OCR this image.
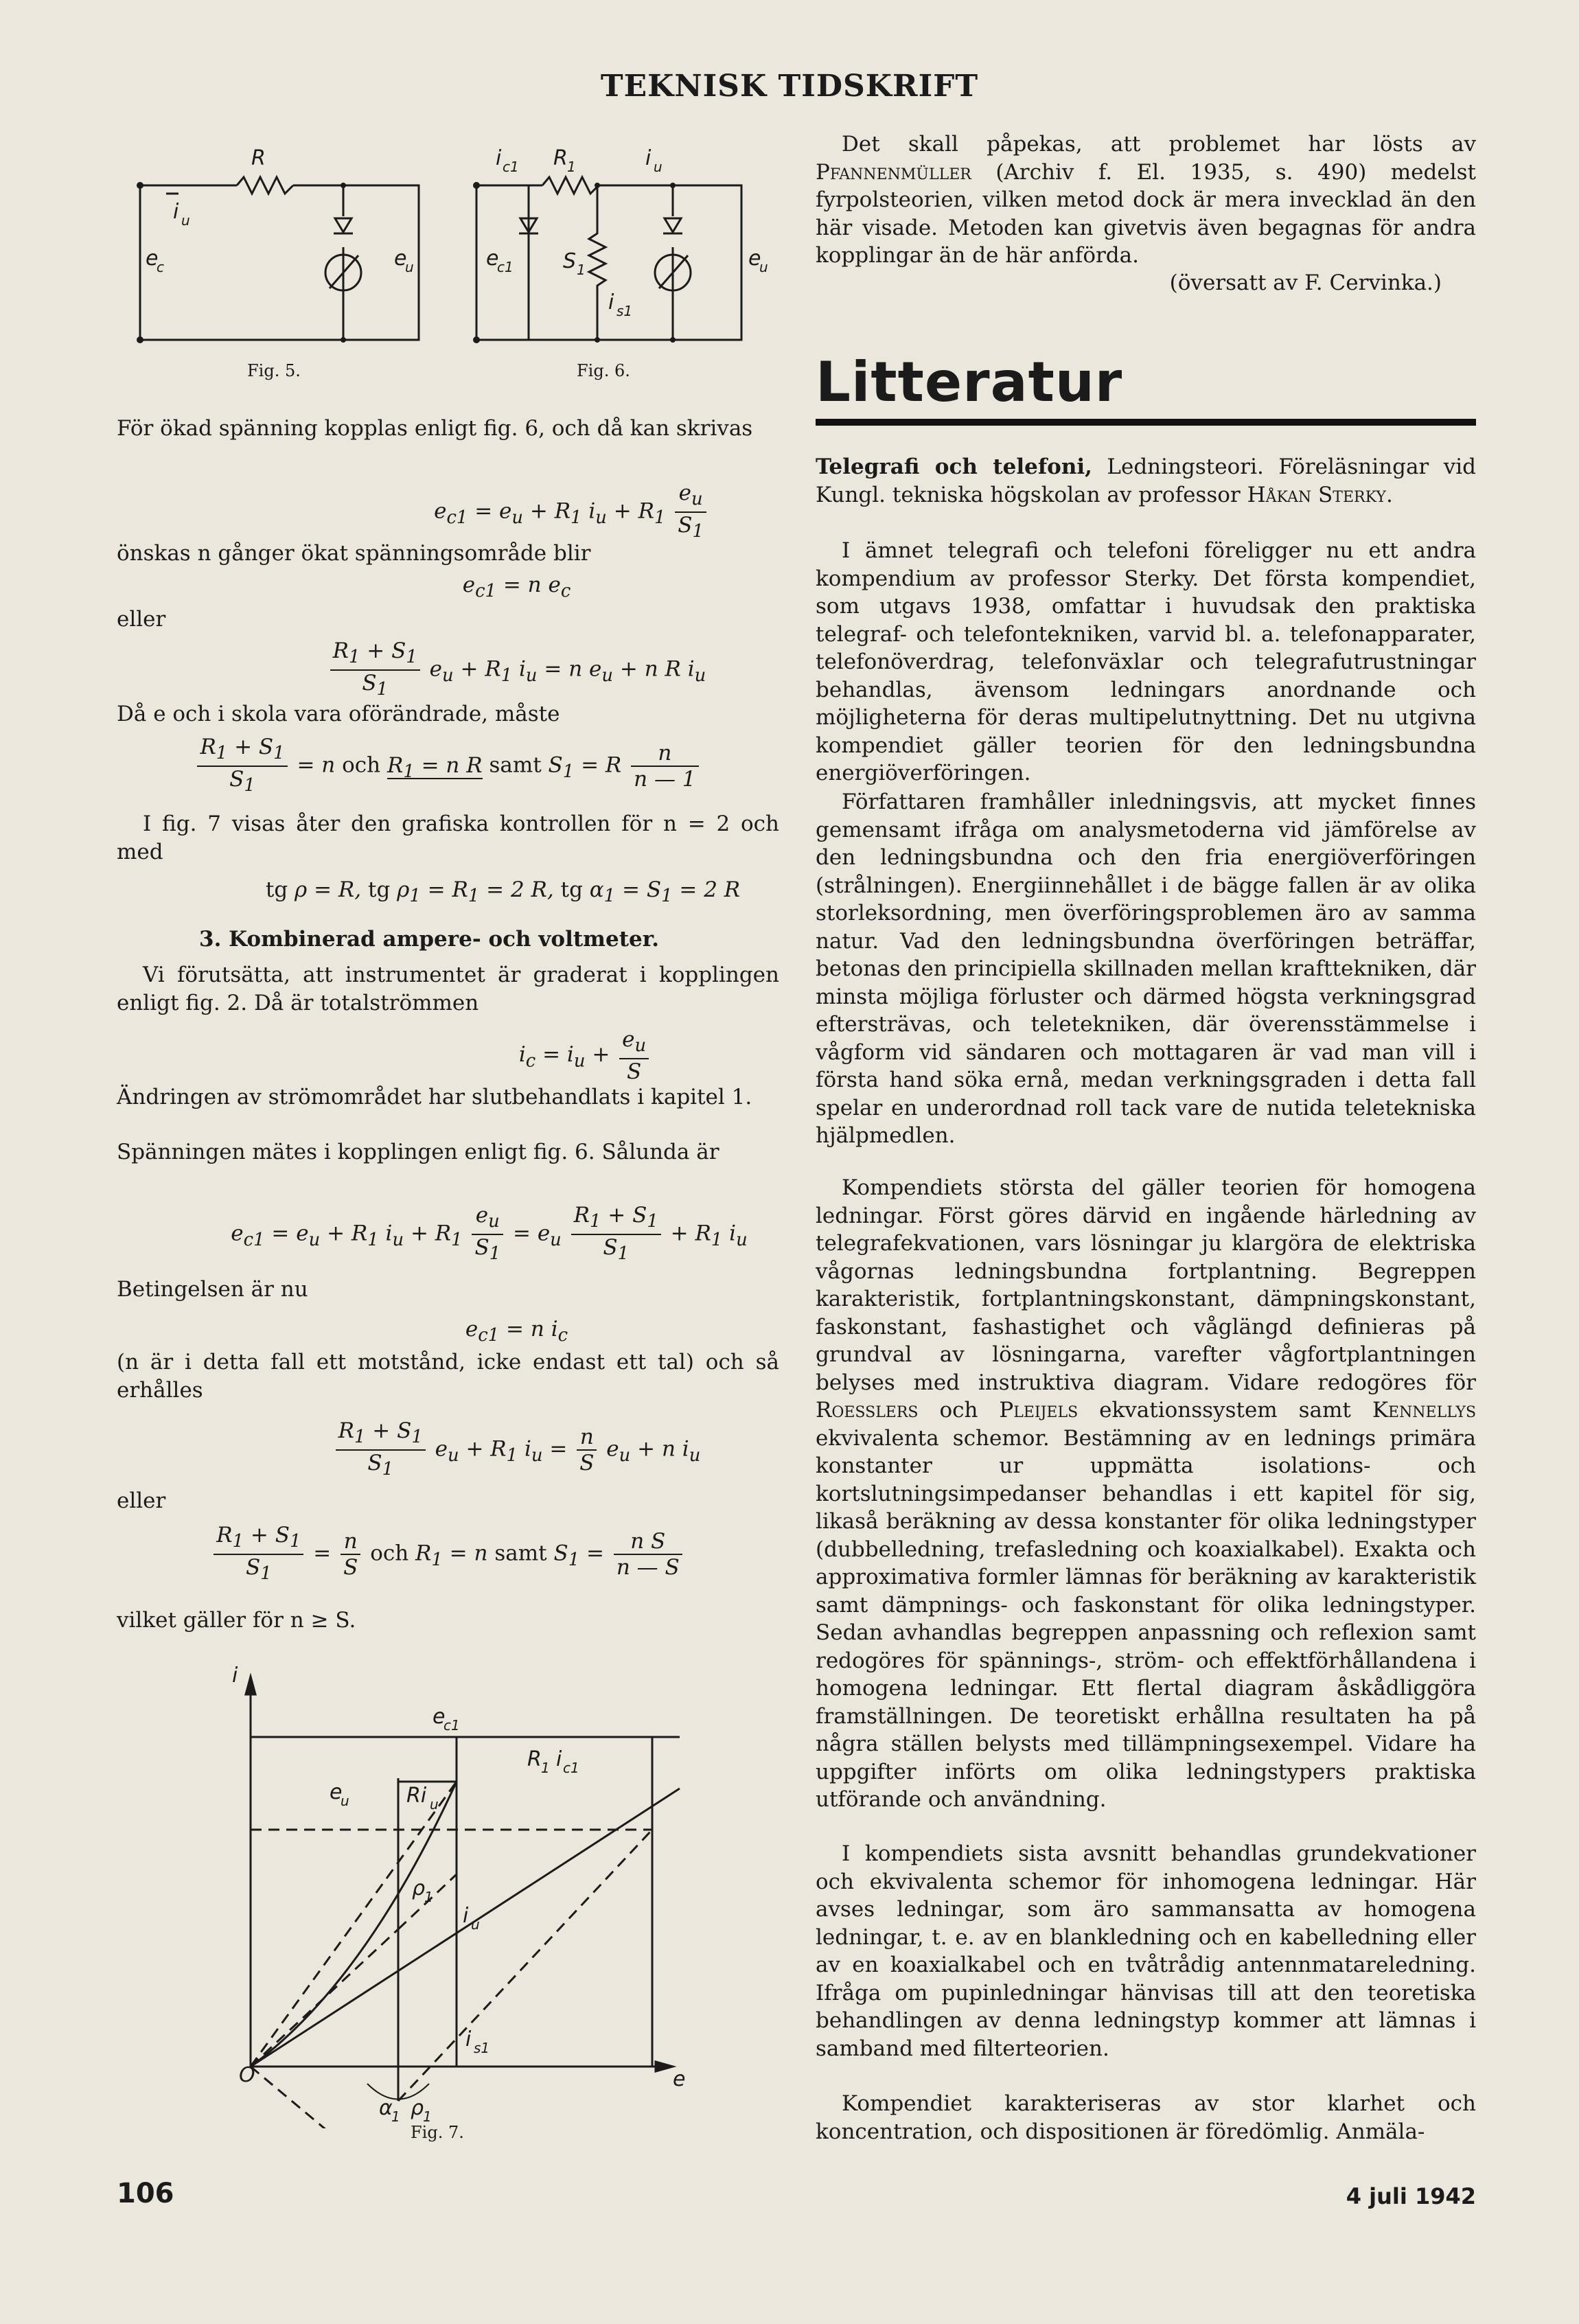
TEKNISK TIDSKRIFT
R
i u
e
c	e
u
i c1 R 1	i u
e
c1 S 1
i s1
e
u
Fig. 5.	Fig. 6.
För ökad spänning kopplas enligt fig. 6, och då kan skrivas
$e_{c1} = e_u + R_1$ $i_u + R_1 \frac{e_u}{S_1}$
önskas n gånger ökat spänningsområde blir
$e_{c1} = n$ $e_c$
eller
$\frac{R_1 + S_1}{S_1} e_u + R_1$ $i_u = n$ $e_u + n$ R $i_u$
Då e och i skola vara oförändrade, måste
$\frac{R_1 + S_1}{S_1} = n$ och $R_1 = n$ R samt $S_1 = R \frac{n}{n — 1}$
I fig. 7 visas åter den grafiska kontrollen för n = 2 och med
tg ρ = R, tg $\rho_1 = R_1 = 2$ R, tg $\alpha_1 = S_1 = 2$ R
3. Kombinerad ampere- och voltmeter.
Vi förutsätta, att instrumentet är graderat i kopplingen enligt fig. 2. Då är totalströmmen
$i_c = i_u + \frac{e_u}{S}$
Ändringen av strömområdet har slutbehandlats i kapitel 1.
Spänningen mätes i kopplingen enligt fig. 6. Sålunda är
$e_{c1} = e_u + R_1$ $i_u + R_1 \frac{e_u}{S_1} = e_u \frac{R_1 + S_1}{S_1} + R_1$ $i_u$
Betingelsen är nu
$e_{c1} = n$ $i_c$
(n är i detta fall ett motstånd, icke endast ett tal) och så erhålles
$\frac{R_1 + S_1}{S_1} e_u + R_1$ $i_u = \frac{n}{S} e_u + n$ $i_u$
eller
$\frac{R_1 + S_1}{S_1} = \frac{n}{S}$ och $R_1 = n$ samt $S_1 = \frac{\text{n S}}{n — S}$
vilket gäller för n ≥ S.
i
e
c1
R 1 i c1
e
u	Ri u
ρ
1
i u
O	e
i s1
α
1 ρ
1
Fig. 7.
Det skall påpekas, att problemet har lösts av Pfannenmüller (Archiv f. El. 1935, s. 490) medelst fyrpolsteorien, vilken metod dock är mera invecklad än den här visade. Metoden kan givetvis även begagnas för andra kopplingar än de här anförda.
(översatt av F. Cervinka.)
Litteratur
Telegrafi och telefoni, Ledningsteori. Föreläsningar vid Kungl. tekniska högskolan av professor Håkan Sterky.
I ämnet telegrafi och telefoni föreligger nu ett andra kompendium av professor Sterky. Det första kompendiet, som utgavs 1938, omfattar i huvudsak den praktiska telegraf- och telefontekniken, varvid bl. a. telefonapparater, telefonöverdrag, telefonväxlar och telegrafutrustningar behandlas, ävensom ledningars anordnande och möjligheterna för deras multipelutnyttning. Det nu utgivna kompendiet gäller teorien för den ledningsbundna energiöverföringen.
Författaren framhåller inledningsvis, att mycket finnes gemensamt ifråga om analysmetoderna vid jämförelse av den ledningsbundna och den fria energiöverföringen (strålningen). Energiinnehållet i de bägge fallen är av olika storleksordning, men överföringsproblemen äro av samma natur. Vad den ledningsbundna överföringen beträffar, betonas den principiella skillnaden mellan krafttekniken, där minsta möjliga förluster och därmed högsta verkningsgrad eftersträvas, och teletekniken, där överensstämmelse i vågform vid sändaren och mottagaren är vad man vill i första hand söka ernå, medan verkningsgraden i detta fall spelar en underordnad roll tack vare de nutida teletekniska hjälpmedlen.
Kompendiets största del gäller teorien för homogena ledningar. Först göres därvid en ingående härledning av telegrafekvationen, vars lösningar ju klargöra de elektriska vågornas ledningsbundna fortplantning. Begreppen karakteristik, fortplantningskonstant, dämpningskonstant, faskonstant, fashastighet och våglängd definieras på grundval av lösningarna, varefter vågfortplantningen belyses med instruktiva diagram. Vidare redogöres för Roesslers och Pleijels ekvationssystem samt Kennellys ekvivalenta schemor. Bestämning av en lednings primära konstanter ur uppmätta isolations- och kortslutningsimpedanser behandlas i ett kapitel för sig, likaså beräkning av dessa konstanter för olika ledningstyper (dubbelledning, trefasledning och koaxialkabel). Exakta och approximativa formler lämnas för beräkning av karakteristik samt dämpnings- och faskonstant för olika ledningstyper. Sedan avhandlas begreppen anpassning och reflexion samt redogöres för spännings-, ström- och effektförhållandena i homogena ledningar. Ett flertal diagram åskådliggöra framställningen. De teoretiskt erhållna resultaten ha på några ställen belysts med tillämpningsexempel. Vidare ha uppgifter införts om olika ledningstypers praktiska utförande och användning.
I kompendiets sista avsnitt behandlas grundekvationer och ekvivalenta schemor för inhomogena ledningar. Här avses ledningar, som äro sammansatta av homogena ledningar, t. e. av en blankledning och en kabelledning eller av en koaxialkabel och en tvåtrådig antennmatareledning. Ifråga om pupinledningar hänvisas till att den teoretiska behandlingen av denna ledningstyp kommer att lämnas i samband med filterteorien.
Kompendiet karakteriseras av stor klarhet och koncentration, och dispositionen är föredömlig. Anmäla-
106	4 juli 1942
